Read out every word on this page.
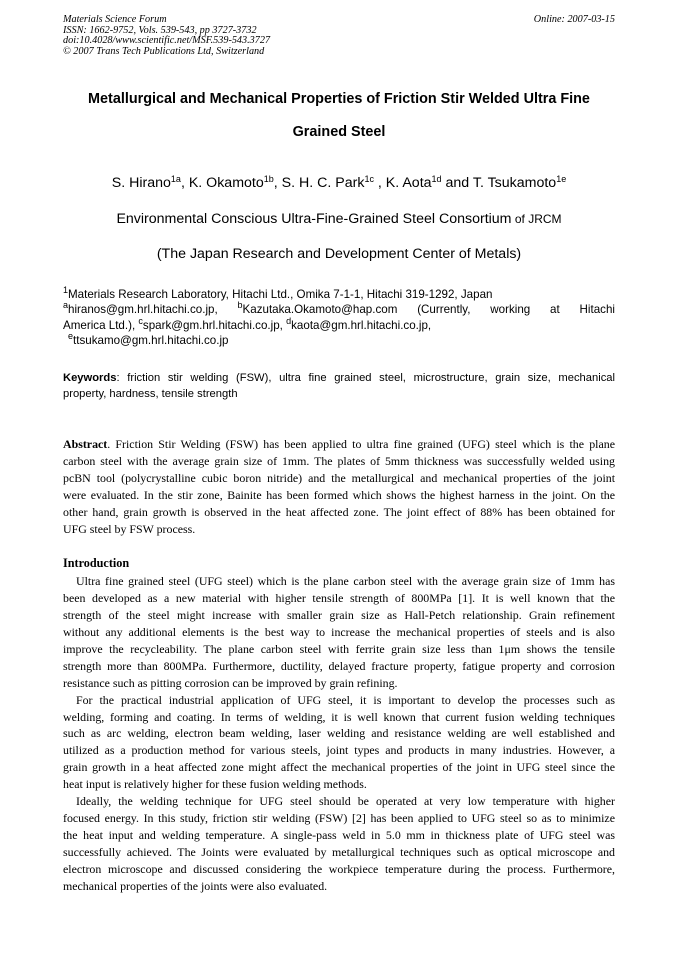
Materials Science Forum
ISSN: 1662-9752, Vols. 539-543, pp 3727-3732
doi:10.4028/www.scientific.net/MSF.539-543.3727
© 2007 Trans Tech Publications Ltd, Switzerland
Online: 2007-03-15
Metallurgical and Mechanical Properties of Friction Stir Welded Ultra Fine
Grained Steel
S. Hirano$^{1a}$, K. Okamoto$^{1b}$, S. H. C. Park$^{1c}$ , K. Aota$^{1d}$ and T. Tsukamoto$^{1e}$
Environmental Conscious Ultra-Fine-Grained Steel Consortium of JRCM
(The Japan Research and Development Center of Metals)
$^1$Materials Research Laboratory, Hitachi Ltd., Omika 7-1-1, Hitachi 319-1292, Japan
$^a$hiranos@gm.hrl.hitachi.co.jp, $^b$Kazutaka.Okamoto@hap.com (Currently, working at Hitachi
America Ltd.), $^c$spark@gm.hrl.hitachi.co.jp, $^d$kaota@gm.hrl.hitachi.co.jp,
$^e$ttsukamo@gm.hrl.hitachi.co.jp
Keywords: friction stir welding (FSW), ultra fine grained steel, microstructure, grain size, mechanical
property, hardness, tensile strength
Abstract. Friction Stir Welding (FSW) has been applied to ultra fine grained (UFG) steel which is the plane
carbon steel with the average grain size of 1mm. The plates of 5mm thickness was successfully welded using
pcBN tool (polycrystalline cubic boron nitride) and the metallurgical and mechanical properties of the joint
were evaluated. In the stir zone, Bainite has been formed which shows the highest harness in the joint. On the
other hand, grain growth is observed in the heat affected zone. The joint effect of 88% has been obtained for
UFG steel by FSW process.
Introduction
Ultra fine grained steel (UFG steel) which is the plane carbon steel with the average grain size of 1mm has
been developed as a new material with higher tensile strength of 800MPa [1]. It is well known that the
strength of the steel might increase with smaller grain size as Hall-Petch relationship. Grain refinement
without any additional elements is the best way to increase the mechanical properties of steels and is also
improve the recycleability. The plane carbon steel with ferrite grain size less than 1μm shows the tensile
strength more than 800MPa. Furthermore, ductility, delayed fracture property, fatigue property and corrosion
resistance such as pitting corrosion can be improved by grain refining.
For the practical industrial application of UFG steel, it is important to develop the processes such as
welding, forming and coating. In terms of welding, it is well known that current fusion welding techniques
such as arc welding, electron beam welding, laser welding and resistance welding are well established and
utilized as a production method for various steels, joint types and products in many industries. However, a
grain growth in a heat affected zone might affect the mechanical properties of the joint in UFG steel since the
heat input is relatively higher for these fusion welding methods.
Ideally, the welding technique for UFG steel should be operated at very low temperature with higher
focused energy. In this study, friction stir welding (FSW) [2] has been applied to UFG steel so as to minimize
the heat input and welding temperature. A single-pass weld in 5.0 mm in thickness plate of UFG steel was
successfully achieved. The Joints were evaluated by metallurgical techniques such as optical microscope and
electron microscope and discussed considering the workpiece temperature during the process. Furthermore,
mechanical properties of the joints were also evaluated.
